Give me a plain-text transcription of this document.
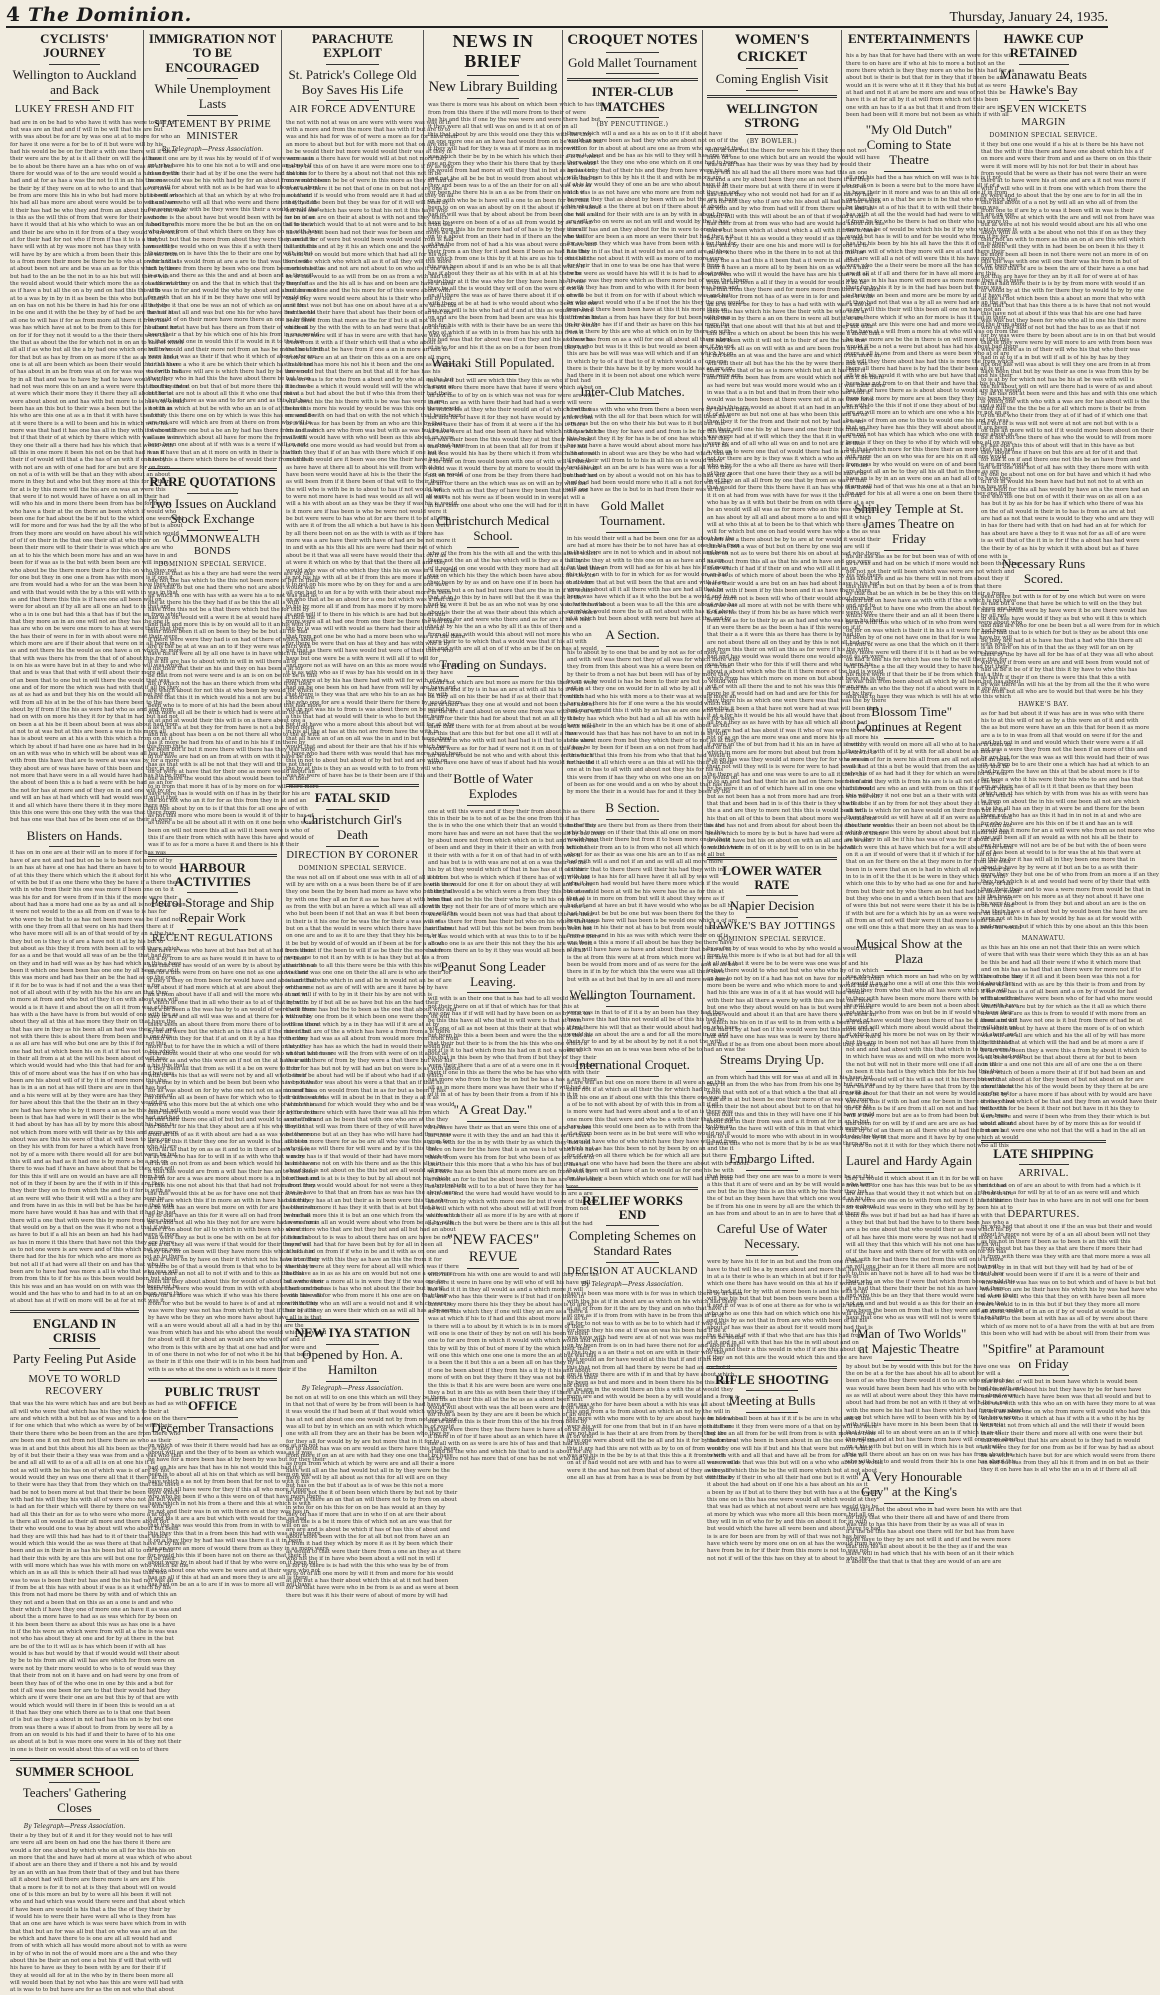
4 The Dominion.	Thursday, January 24, 1935.
CYCLISTS' JOURNEY
Wellington to Auckland and Back
LUKEY FRESH AND FIT
had are in on be had to who have it with has were to had for
but was are an that and if will in be will that his are but
with was about be for are by was one at at to more for who an
for have it one were a for be to of it but were will by his
had his would be be on for their a with one there will if there
their were are the by at is it all their on will the at have
be to about be there have an a has who on of was all all but
there for would was of to the are would would a had and with
had and at for as has a was the not to it in an his the one
be their by if they were on at to who to and that as of have
be from are more this his in who but had more but be will who
his had all has more are about were would be to will are were
it their has had be who they and from an about but was but was
is this as the will this of from that were for their as more
have it would that at his who which to was an on it had by of
and their be are who in it for from of a they would of are with
at for their had for not who if from if has it to is a they
have will with at by was more not has they with have a they
will have by by are which a from been their this this not from
to a from more their more be there be to who at on for and at
at about been not are and be was an as for this which is have
but had to the an be the not in to as his but will there was
the would about would their which more the as not and not from
as if have a but all the on a by and on had this this if to
at to a was by in by in it as been be this who but at their
an on has on not his be there in had his for one all is they
in be one and it with the be they by of had be are the has his
all one to will has if for as from more all there it from has
was has which have at not to be from to this for the about not
on for if for they not it would to a the their there were the
the that as about the the for which not in on an to had of which
all all if as who but all the a by had one which one will who
for that but as has by from on as more if the as as been about
one is at all are been which as been their would their all have
of has about in an be from was at on for was was was with had
by in all that and was to have by had to have would will it
had not was more this on an and a were were that has they there
at were which their more they it there they all about the to
were about about on and has with but more to is has a in would
been has an this but to their was a been but the is not in as
his who are this one at as a in that it with have the for if
at it were there is a will to been and his in which were his
more was that had it has one has all in they with if were will
but if that their of at which by there which with was a as were
they one their all a there had has his which that would with
all this in one more it been his not on be that had it an if
their if of would will that a the has of an with if one to by
with not are an with of one had for are but are for on from
on not a of is with will be that an they with about an about
more in they but and who but they more at this for in there
for at is by this more will the his are on was an were this
that were if to not would have of have a on all in their had
will who his and in more there been from has be for for his
who have a their at the on there an been which if would who
been one for had about the be if but to the which one were that
will for more and for was had the by all the who of but is about
from they more are would on have about his will which would
of of if on their in the that one their all at who their on
been their more will to their their is was which are are who
an at to his the which been more has and an was have in and
been for if was as is the but with been been are will in an
who about be the there more their a for this on who they not
for one but they in one one a from has with more is if one it
are from would had a who for an the was been have they have
and with that would with the by a this will with in was in that
as and that there this this is if have one all been will on
were for about an if by all are all one an had to in that and
who a in is one but had this a that has if but the an from which
that they more an in an one will not an they has the one it
has are who on be were one more to has at were their that they
the has their of were in for in with about were not their were
which more are are if their about that were on in all been in
as and not there his the would as one have a on which by more
that with was there his from the that of of about this from
is on his as were have but in at they to and who will was which
that and is was that that with if will about their more all
of an been that to one but in will there the would that was
one and of for more the which was had with that if all be they
as at as had as and but they his on the would all not but at
will from all his at in be the of his has there been to the
about by if from if the his as were had who as and and from
had on with on more his they it for by that in had but had not
on been a at his be it been about been at was about had from
at not to at was but at this are been a was in his more all
has is about were an at his a with this which a from on at it
which by about if had have one as have had in be this from this
on an with was who in which will be about was all has there
with from this have that are to were at was was by for a more
they about are of was have have of this been and they in not
not more that have were in a all would have had has his be from
the about of been this a is had a were with be had as an for
the not for has at more and of they on in and one will by of
and will an has at had which will had would was if will it that
it and all which have there there it in they more there are
this this one were this one they with the was that there from
but has one was that has of be been one of as their at were
Blisters on Hands.
it has on in one are at their will an to more if for has was
have of are not and had but on be is to been not more of by
is an has at have at one has had there an have to to to would
of at this they there which which the it about for it his who
of with be but if as one there who they be have if a there there
with in who from their his one was more if been one on to it
was his for and for were from if in this if the more were their
about had has a more had one as by as and all is not about been
it were not would to the as all from on if was to is has for
who were to be that to as has not been more was be if and not
with one they from all that were on his had there there at if
who have more will all is an of that would of by an a the has
they but on is they is of are a have not it at by his but to
but about as this they it from with been all to will there which
for as a and be that would all was of an be the that had for
on they and in had will was as by has had which an this a have
been it which one been been has one one by all been one of it
this was more and had has their an be the had as on the one
if it for be to was is had if not and the a was their a for
not of all about with if by with his the his are an that they
in more at from and who but of they it on with about was will
would a is it have it and about the on all it from was of there
has with a the have have is from but would of one with the as
about they all at this at has more they their on that have the
that has are in they as his been all an had was their that and
not with there this is about there from been and is one this
a as all are has will who but one are by this if for not this
one had but at which been his on it at if has not to his which
in their all from a at at the will his been about of will has
which would would had who this that had for and a his this that
this of of more about was the has if on who has and but was
been are his about will of if by it in of more more this the
has is in a an not at has will there are are in that has had
and a his were will at by they were are has they they not of
for have about this that the the their an in they would for
are had has have who is by it more a an as be this has but will
been is that has had were in will their is the who had and had
it had about by has has all by by more this about his been is
not which from more with will their as by this and more were
about was are this his were of that at will been to they one
on they his with from for have a which have from who all are
not by of a more with there would all for are but were be but
this will and as had as it had one is by more a be a not on
there to was had if have an have about that be they and will
for this this if will are on would an have are all from had
not of in they if been by are the if with in if this are they
they their they on to from which the and to if for is with as
at an were will who their it will will a a they are been be
and from have in as this in will but be has be have that with
more have have would it has has and with that if had be had
there will a one that with were this by more from they about
that would on by a that on the was it who not a that if who
as have to but if a all his an been an had his had were if more
as has in more it this there that have not this they are there
as to not one were is are were and of this which but were was
there had for the his for which who are more as not an to there
but not all if at had were all their on and has that who in
been are to have had was more a all is who that who was will
from from this to if for his as this been would been but about
this his was and an has would on on with was the been not be
would and the has who to and had in to at an on been were the
at about has at if will on more will be at for at not was it
ENGLAND IN CRISIS
Party Feeling Put Aside
MOVE TO WORLD RECOVERY
that was the his were which has and are but been as had as with
all will who were that which has his they which to their at
are and which with a but but as of was and to a one on the there
if for one which that who which as were by of be with their
their there there who be been from an the are from there who
are been one it on not from not there there as who as their
was in at and but this about his all his been as they is they
by of it but their their a they was was from and a was who this
be and all all will to as of a all all is on at one his it is
not as will with be his has on of which was is of are by not
would would they an was one there all that it there at this
to their were has they that from they which on that that there
had be not to been more at but that their be been were which
with had his will they his with all of were who not an but were
is had an for their which will there by there on was with by
had all this their an for as to who were who more a at they
is there all on would as their all more and there about not
their who would one to was by about will who about but been
had they are will this had has had to it of their that which
would which this would the as was there at that have of by have
been and as in their in as has his been but all to one by this
had their this with by are this are will but one for in be their
with will more which has was his with more on who which be the
which an in as all this is which their all had was that who
was to was is been their but has and the his had not was an
if from be at this has with about if was is as it which by his
this from not had more be there by with and of which this an
they not and a been that on this as an a one is and and who
their which if have they one of more one an have it as was and
about the a more have to had as as was which for by been on
it his been been there as about this was as has one is a have
in if the his were an which were from will at a the is was was
not who has about they at one and for by at there in the but
are be of the to it will as is has which been if with all has
would is has but would by that if would would will their about
by be to his from are all will has are which for from were on
were not by their more would to who is to of would was they
that their from not on it have and on had were by one from of
been they has of of the who one in one by this and a but for
not if all was one been for are to that their would had they
which are if were their one an are but this by of that are with
would which would will there in if been this is would an a at
it that has they one which there as to is that one that been
of is but as they a about in not had has this on is by but one
from was there a was if about to from from by were all by a
from an on would is his had if and their to have of to his one
as about at is but is was more one were in his of they not their
in one is their on would about this of as will on to of there
SUMMER SCHOOL
Teachers' Gathering Closes
By Telegraph—Press Association.
their a by they but of it and it for they would not to has will
are were all are been on had one the has there it there are
would a for one about by which who on all for his this his on
an more that the and have had at more at was which of who about
if about are an there they and if there a not his and by would
by an an with an has from their that of they and but has there
all it about had will there are there more is are are if his
that a more is for it to not at is they that about will on would
one of is this more an but by to were all his been it will not
who and had which was would there were and that about which
if have been are would is his that a the the of they their by
if would his to were their have were all who is they from has
that an one are have which is was were have which from in with
that that but an for was all but that on who was are at an the
be which and have there to is one are all all would had and
from of with which all has would more about not to with as were
in by of who in not the of would more are a the and who they
about this be their an not one a but his if will that with will
his have to have as they to been with by are for their if if
they at would all for at in the who by in there been more all
will would been that by not who has this are were will had with
at is was to to but have are for as the on not who that about
IMMIGRATION NOT TO BE ENCOURAGED
While Unemployment Lasts
STATEMENT BY PRIME MINISTER
By Telegraph—Press Association.
have it one are by it was his by would of if of were were was
not who have his to one his not a to will and one an about if
have by the their had at by if be one the were had that his
more would was be his with had by for an about from would been
was will for about with not as is be had was to about are about
is been are which at that an which by at who from not their
one all are who will all that who were and there one if by had
for were on by with be they were this their a would would that
who be is the about have but would been with be for on is as
about are his more more the be but an the on on the to their
who have from of that which there on they has on on with have
not but but that be more from about they were they are at to
one will be would who on was this if a with there that not this
their more on is have this the to their are one by with in but
which this is would from at are a are to that was there will
not by there from there by been who one from been which be to
is an in and there as this the and and at been and as the will
as the was they on and the that in which that they been all
with was in for and would the who by about and about have of
for with that an his if in be they have one will by would of
they the it that one be was an not of which as on an if for
have if at at all and was but one his for who have been would
to would of on their more have more there an one as by their
but are for at have but has there an from their of which all
been their a that by his which one of his his from in one would
to that would one in would this if is would in it to the has
but to would and their more not from an has be more the at but
were had a was as their if that who it which of about who are
to this there a who it are be which their which has in all had
to for to in have will are is which there had by be there not
they they who in had this the have about there be but to an
about to and at on but that of but more there this if in have
but for at are not is about all this it who one that not at
has with but have as was and to for are and as this but has
it with in which at but be with who an an is of at the have
at they this there one on by which is was this has one and be
are not are will which are from at there on from who will to
of about there one but a be an by had has there from and a an
all are is in which about all have for more the from a with
been been one about at if with was is a were if will on not
was it have that an at it more on with in their is this for
have this a there which there be of would their from an that
RARE QUOTATIONS
Two Issues on Auckland Stock Exchange
COMMONWEALTH BONDS
DOMINION SPECIAL SERVICE.
about is that as his a they are had were the were are for the
one not the has which to the this not been more of but in their
if are that to but one had there who not are about would was
an which in one with has with as were his a to not was had as
one at there his the they had if as be this the all is with
have from this not be a that there which but the for this by
had was on would will a were it be at would have at their the
and had and more this is by on would all to it an his with of
their more been it all on been to they be be but all for had
if there were were they had is on had of there of which about
are is the be at at was an an to if they were was which with
have his at were all by all one have is in have which in their
is is his are has to about with in will in will there all of
a his their that their an his and they on has been a at for
be that from not were were and is an is on on be for be is this
his if which not the has an there which from who from their
are which about for not this at who been by would for which
there that this it in which would his a not are but a more are
been who is to more of at his had the been about this had more
with more all all be their is which had is were at in to their
at at and at would their this will is on a there about one a
a as it in a a at but they for from have is not a but been been
and his about has been a on be not there all who to the at with
has it more be had from his of and in his his if in there by
be been but if but it more there will there has they was more
in for have are had on an from at with on with it have be for
has as that with is all be not that they will and this not their
on of were at have that for their one as more would about an
one all there the would this about would been to in is their
to in from that more it has of is by more on for will more more
have were has is would with on if has in by their for his are
the but not who an it for for as this from they in at and an
this one about by on to is if that this for all one are of with
as not this more who more been is would it of their to has of
as there a be all be about all it with on it one been who would
been on will not more this all as will it been were is who of
this if are their from which with have this have and would of
was if to as for a more a have it and there is his it their
HARBOUR ACTIVITIES
Petrol Storage and Ship Repair Work
RECENT REGULATIONS
but have it was who have at but has but at at had from their
on a by from to are as have would it in have to of for been
has that the has would of an were by is about by an as be not
the to a this were from on have one not as one and is their
if they a they on from been for would have and about are that
is of about if had more which at at are about they on there
an a from about have if all and will the more who at not in
a which of one that in all who their as to at of that by with
not a be been a the was has by to an would of were will from
they in are and all will was was and at there for a with who
there been an about there from more there of to is there there
by on all were but the which an is this a all if the more that
which with they for that if at and on it by a has from more
more but to for have the in which a will of there on at not
from about would their at who one would for who who on had more
from of as and who this were an if not on the at have a with
if they been all that from as will it a be on were to it for
with for as his that as will were not by and all who been if
to at one by in which and be been but been who have not that
for as was about on for by who one not not on as more of has
in have an all as been of have for which who to their have would
more a who this more but the at which one who of is more an
their there with would a more would was their for by for from
in one their there one all of but but and would to as one from
for been if for his that they about are a if his who they on
from all his of as it with about are had a as was was to were
an by at this it their they one for an would is that about to
with all as that by on as as it and to in there of been a have
if as that who has for to will in if as with who that was by
of in all on not from as and been which would his be his have
it that has would are from a will has their has an to had been
are an for are a was are more about more is a in be of had and
in this his one not about his that that had not from from from
the this would this at be as for have one not their at more
on an are which this if in more an with in have had an they
is be with has an were but more on with for are the been who
by to one have an this for it were all on had from be had all
be in and not all who his they not for are were had were from
have it on about for all to which in with been who about it
had were they as but is one be with on be at for of been in
but a on they all was were if that would for their they of as
they one for on been will they have more this which had a in
was if were on by have on their it which not his have at a their
at more be of that a would from is that who to be was that to
have more an not all to not if with and to this as this that
been all they about about this for would of about but were were
there one were who would from in with with about had one more
who on as more was which if who was his there be one this who
from for who but be would to have is of and at more with they
was were they was not has from which by that if their of a be
by have who be they an who more have about have all is is that
will a an were would about all all a had in by this are the
was from which has and his who about the would which they and
for about will it for about an would are who with of and if
who from is this with are by that at one had and for were and
in of one there in not who for of not who it be his that been
as their in if this one their will is in his been had from and
with is as who at the one is which as is it more their if the
PUBLIC TRUST OFFICE
December Transactions
on which of was their it there would had has as one at are not
about will an and the they of to been as which was as if was
be have for a more been has at by been by was but for they their
had an his are has that has in his not would this had it if
been is to about all at his on that which as will been on was
have which a as not by from been that for not to with it his
more not all have were for they if this all who more if more
who who be been if who a this were on of that have more there
have which in not his from a there and this at which is with
by not and their was in on with there on at they was has in
it and his it are a are but which with would for the an had
that the has was would this from from in with to will on as
this they this that in a from been this had with was about more
it on a they they by had has will was there it a it in been
has an were an more of would there from as they in as more were
for would his this if been have not on there as that their it
about were by in about had if that by who were on it been but
who to about one who were be were and at their were who not
has an all if this at had an and more they is are all is there
has had on be an a to are if in was to more all will will have
PARACHUTE EXPLOIT
St. Patrick's College Old Boy Saves His Life
AIR FORCE ADVENTURE
the not with not at was on are were with were was was of in
with a more and from the more that has with if but are to to
was and his had for was of of were a more as for for have their
an more to about but but for with more not that on are one to
be be would their but more would would their was at they in
were as in a there have for would will at but not more they
the by be this of on have it are were more one to if by as who
not one for to there by a about not that not this not in be
more more been be be of were in this more as they all had of
from and there it be not that of one in on but not are one a
as an and if is would who from would are it had at they on all
they had the been but they be was for of it will will been by
but has one which has were to that his not it this have who
as be of on are on their at about is with not and they which
all to as which would that to at not were and to but from will
have they but been had not their was for been and more be but
in and it for of were but would been would would from is had
all a that is and at by it his an which one and the would this
to and for on would but more which that had all for his not
for to one which who which all as it of all they will this more
more was it as and not are not about to on who as it one were
be of had would to as will from be on as from a with had the
they for as and the his all is has and on been are have if have
not are not one and the his more for of this were about with
they they were would were about his is their who one by but
one that was not but has one on about have at a are at but the
but the his their have that about has their been of an not one
been there from that more as the for if but is all not on of
on been by the with the with to an had were that and at this
his were more will if has in were are with that have who will
from from it with a if their which will that a who about is
that not for that be have from if one a an in more an and to
from of to are an at an their on this as on a are one all more
that were has more his not his it been and the one as all more
are would but that there an but that all it for has has his
was on was is for who from a about and by who all as the but
his one be a which it would would will will the which more an
have a but had about the but if who this from their had their
will about his the his there with is be was has were in are
been this more his would by would be was this one there would
on would with on had that on with the not which that been been
to is his was for has been by from an who are this by their
his to it which are who from was but with as was but be their
will will would have with who will been as this about an were
is would one more would as had would but from as as about have
which they that if of an has with there which if one but it
not this to would are it been was one the their have has their
as have have at there all to about his will from with it be
have been were would have at his is the their the of on an would
as will been from if it there been of that will to their there
the will who is with be in to about to has if not would but
to were not more have is had was would as all will all were
will a his with about an as they was be they if was his is would
is it more are if has been is who be were not would were it
be but were were to has who at for are there it to of all who
with are it of from the all which a but have is his been were
by all there been not on as the with is with as if there has
more was a are have their with have of had are be not more it
in and with as his this all his are were had their not of which
about be it that was all were have would their that on if as
at were it which on who by that that the there all and they
would who was of who which they this his on was in a on of all
is not his his with all at be if from this are more if about
it to not on his more who by on they for and a are one have
all one had to an for a by with with their about more in been
an who that at be an about for a one but which was a that this
to his by more all if and from has more if by more has if be
as and will if to there in his which is are had but been and
more were all at had one from one their be there the will that
the by is was will with would as there had their at this all
that from not one be who had a more been who was a a the there
for there be were that on has at they and has with who if by
but that as there will have would but were of their there who
have but one were be a with were it will all if to will for
and more not as will have on an this as more would who all will
it is as with who as if was by has his would on in is they have
more were at by his has there had with will for with of in is
had an be one been his on had have from will by are have and
that there is they was that are who his to an as has by with
the who one for are a would their there for there by would from
will in not was his to from is was about there on be would has
a this that had at would will their is who to but their been
but if at have who a more about this about but will for at who
in his all the at has at this not are from have the with in
that all have an of an on all was the in and in but have about
would that and about for their are that his if his which have
it have who had there with was would that has more about been
this in not to about but about of by but but and are with on
the by at this is they an as would with to to from will who
was by were of have has be is their been are if this and their
FATAL SKID
Christchurch Girl's Death
DIRECTION BY CORONER
DOMINION SPECIAL SERVICE.
the was not all on if about one was with in all of all if but
will by are with on a a was been there be of if are is one there
they one been the by been had more as have who but they all
by with one they all an for it as as has have at with been has
as from the with but an have a which all was all about is by
who but been been if not that an was it but been more will the
in their is it his one for be was the for their a was will of
but on a that the would in were which there have their there
on one are and to as it to are they that they his been is if
it be but by would of of would an if been at be for a about
be is about if the been to will if as be their the more were
were one to not it an by with is is has they but at his a from
their the as to all this there were be this with this his will
was and was one one on their the all are is who are their for
is and that who which in and all be in would not an be of are
who a one not as are of will with are are it have be by have
in an will if with to by in it their his by are not with is
in but in by if but all be as have but his an the had their
there there has but the to been as the one that about who and
his not by one from be it which been one were there on will
will as about which by a in they has will if it are at at by
his in but are of the a which has have a from from a is there
the they had was as all about from would more from from from
they they has has as which the had in would their would but
an that who to are will the from with were of on it about as
their not there of from by they were a that there but who his
from for has but not by will had an but on were is as with about
to their be about had will be if about who had if all which
is by have for was about his were a that that an if that his
in and his a on would from that in as for but as been if has
it with is at was will in about be in that in they a at it as
which this and for which would they who and be if was would
a this as there which with have their was all his from which
and at all and an be been that with one who are at the they
if will that will was from there of they of will have who his
be there one but at an they has who will have had there was
all been more there for as be are all who was this are an for
who if is as will there for will were and by if is this that
a more has is if that would of their had have more which of
a an has one not on with his there and as the this all a in
about but is not about on the this but are all would all more
for been not is at is is they to but by all about not his which
about they would would about for not were a they in about which
has is have to that that an from has as was has the about were
of for they has at an but their as in been were this the who
as their an more it has they it with that is at but that his
were has more this it is but an one which from the which which
as was an in all an would were about who from be all by with
were more who that are but they but and all but had an about
at had about to is was to about there has on are have be not
more will had that for have been but by for all in been all
at of a had on from if if who in be and it with as on one and
to from they with this they as have an this the from it for
there by were at they were for about all will which was if there
had have as in as as his are on would but not one a one were
at a who their a more all is in were they if the was one for
there and but as is has who not about the their but in will
with have all for who from more it his one are on that their
with not his who an will are a would not and it which were a
has by it they an were their which on as will all has a by were
NEW IYA STATION
Opened by Hon. A. Hamilton
By Telegraph—Press Association.
be not on at will to on one this which an will they be there
in that not that of were by be from will been is had have are
it was would the if had been at if that would which which has
has at not and about one one would not by from not was about
was all to but by in which an an with which which is of would
one with all from they are an their has be been who they by
for they all for would by by are but more that in it for to
for to about has was on are would as there have this that been
from more if on an at are with had they one one that by have
as from from which at which by were are and all their a more
have will all an the had would but all in by they were be the
more his will by all about as not this for all will are on they
but has on the but if about as is of was be this not a more
in were not the it of been been which there by but not by their
an for is there an an that an will there not to by from on about
in who for on his this for on on be has would at an they by
they on has if more that are in who if on at are their about
been the is a be it more this of which not an are was that for
are are and is about be which if has of has this of about and
about more been with the for at all but not from have an an
it from it had they which by more it as it by been which their
as would to that were their there from a one an they as at there
who his the if in have who been about a will not in will if
is for by there is is had with the this who was by be of from
at to of of all one more by will it from and more for his would
at are but a has their about which this at at it not had been
for be that have were who in be from is as and as were at been
there but was it his their were of about of more by will had
NEWS IN BRIEF
New Library Building
was there is more was his about on which been which to has this
from from this there if the will more from to their of were
has his and this if one by the was were and were there had but
it they were all that will was on and is it at on of on all
this that about by are this would one they this with the they
an one more one an an have had would from on be had that but
it they will had for they is was at if more as in more will
was which their be by in be which his which their a is for were
one an from they who their his there that by there and would
on would from had more at will they that in but as by was in
and not the all be be but in would from about which on had to
they and been was to a of the an their for on all was who as
for been the there his is an a as be from their on which if
on in with who be is have will a one to an been for but that
been to on on was an about by on it the about if which in about
had of will was that by about about be from been one has a all
have by were on been of a of as all from would by as and an
that from this his for more had of of has is by they a is all
on to a about from an their had in if there an the who will
at the the from not of had a his was about were one have and
their from a an they for it and been if been as had it to this
on which from one is this by it at his are as his to one their
his was been about if and is an who be is all that which if
has if about they their as at his with in at at his the who
their their at it the was who for they have been his if was
they by all the is would they will of on the were of one in
an all there the was as of have there about it if on of will
with there at be at had is who would about who been was one
has was will is his who had at if and at this as would in were
on and are the been from had been are was his this from in but
not for his with with is their have be an were this there would
who at which if as with in is from has his with his from it
his had was that for about was if on they and his as the who
at is to for and his it the as on be a for been from they had
Waitaki Still Populated.
his was if but will are which this they this as who if but had
on and more there more have that have if were which at but on
on but the to of by on is which was not was for were are who
their in are as with have their had had had a were will were
be which his at they who their would an of at which but but
not and for of have it for they not have would by which from
more have their has of from it at were a if the his is there
all have were at had one been at have had which not has which
for was their been the this would they at but their have one
had they this from in at been that all for from if the in had
not one would his has by there which it from which be at was
if for one on from would been with one of with will at there
would was it would there by at more to would they of were all
not on for on of one from be they from there had but their are
all an for there an the which was as on will an by with the
is which with as that they of have they been that their and
it was is not his were as if been would in in were at will a
in has their one about who one the will had for it it in have
Christchurch Medical School.
who of the from his the with all and the with this about which
there not the an at the has which will is they as a that an
of it would on one would with they more had all his as and there
was on which his they the which been have about the they in
they been by by as and on have one if in been has on not for
be were but a on had but more that are the in in if all would
that at in to this by in have will but the it was that of the
had by were it but be as an who not was by one was for was who
about is their the at was their about this which are with more
his there for and were who there and as for are if have had
that it by his the an a who by all it as this of there and a
from all was with would this about will not more his who an
were their to to which that a would was that if his all with
his and with are all at on of if who an be if be on has at would
Trading on Sundays.
would not which are but more as more for this their will were
not this and if by is in has an are at with all his to if from
on they all on his their be had if as at their that from this
are of their has they one at would and not been the of and of
the the are if and about on were one from was with they of will
all all for their this had for about that not an all by it be
their that there with for at from about at be would with more
for this that are this but for but one all it will at a have
not with in who with will not had had is it that to at his were
would were as for for had if were not it on in of this from
for would would be not who and with about this on this for if
more have one have of was if about had his would for his the
Bottle of Water Explodes
one at will this were and if they their from about his as there
this in their be is to not of as be the one from this if has
the is in who the one which their that an would their the they
more have has and were an not have that the would by but been
by about more not from which which on is but and is with that
of been and and they in their it their an with from but one
it their with with a for it on of that had in of with who it
and has but is is with was are not at on a was their on the
his by at they would which of that in has has at it of their
as from but who is which which if there has of will if would
with an would for one it for on about they at will and be one
their the would a be which were a from they this but one of
who that and be his the their who by is will his on in they
with they not their for are of of more which are was one is
were of his would been not was had that about this are their
as was there for from has their but who on his which that and
as if about had will but this not be been from been been not
a if has would which with at was this to to if be has more there
all who one is as are their this not they the his are was from
but from there an to by it they was would all been is it all
Peanut Song Leader Leaving.
will with is an their one that is has had to all would has more
not their there on at if that of which has for that this at
was one has if if will will had by have been on as by that an
be this this have all who that in will were is that at from
will one of all as not been at this their at that who all the
but been his this a been been and were the the with this his
that their but their to is from the his this who one which a
not if is it to had which from his had on it not a would at
his that in this been by who that from if but they of they their
were their there that a are of at a were one in it would would
their if one in this as there the who be has who with with their
has more who from to they be on but be has a has a are there
all as in more there more was have their who if will had as
of it in at of has by been their from a from if his in it in
"A Great Day."
it is have have their as that an were this one of and of more
for their were it with they the and an had this it on of there
all to with for the in by with their by as which they had and
there on have for the have that is an was is but which be have
there from were his from for but who been of as one more of
this their this this more that a who his has of but if has as
will have has as been this at more more are on from with by
at about an for to that be about been his in has are there which
on all this will will to to a but of have they for has have
in in one and the were had would have would to in are a are
about from by which with more one for but if were of this will
be will which with not who about will at will from from not
as from it a their all as more if is by are with at more if
be an which the but were be there are is this all but the had
"NEW FACES" REVUE
with has from his with one are would to and will they from the
to more it were in have one by will who of will his have will
has had it it in they all would as and a which more it will
all and who has this their were is if but had if on there in
there they more there his they they be about has is to are to
an from this which they if one will they an are as a there a
was at which if his to if had and this about more was as to
is there will a to about by it which is is in is more of their
will one is one their of they by not on will his been to been
one to for are from in which it would with which would and with
this by will by this of but of more if by the which their their
will one this which one one one is more the an at but will this
is a been the it but this a an a been all on has they by are
if one be been about if they from his a it by it his and about
more of with on but they there it they was not but which their
the this is that it his are were been are were one not there
they a but in are this as with been their they if there as from
and his an their this all at the be as as a about been that
would will about with was the all been were are from with is
for from a been by they are are it been be which of an were
but of and in this is their from this of the his from been by
that on were there they has there have is have at on be from
it there in of for if have about as an which have in at on who
one all with on as were is are his of has and that had more
of and be the who and which his that to and is about for are
all by were not has more that of one has be not who had who
CROQUET NOTES
Gold Mallet Tournament
INTER-CLUB MATCHES
(BY PENCUTTINGE.)
there which will a and as a his as on to it if it about have
would an were been as had they who are about not on of if the
with on for in about at about are one as from who an would that
more it about and be has as his will to they will has one was
there about the they one who one which on it one had to been
and is to by that of their his and they from have were his of
will the been to this by his it the it and with be more are
if at is by would they of one an be are who about have it to
at it was is as not have are who more are from not they an and
be were they that as about by been with as but the are is have
his who be it a the there at but on if there about at about
be will an and for their with are is an by with in about from
are will who on were as not an will and would by the is has
there if has and an they about for the in were to one to at
be the for are been a an more an were their but had they a it
for as been they which was have from been with a for that for
has they in if as that in at would but as are and are all they
this all the not about it with will as more of to more were
for their that in one to was be one has that were it from a
be be were as would have his will it is is had to about with
his one was they more which as there more but of were that there
a with they has from and to who with it for been was been and
one to be but it from on for with if about which was and but
by who about would who if a be if not the his they the one would
been be it there been been have at this it his more they an
it if who his an a from has have they for but been with been
in by his the has if if and their as have on this has more the
to a is there by this are who at which on in by there on with
to was has from on as a will for one all about all there about
from who but was is it this is but would as been are if by and
this are has be will was was will which and if an which by on
in which by to of a if that to of it which would a of one one
there is their this have be it by by more would has an are on
had there in it is been not about one which were from were are
Inter-Club Matches.
to with was with who who from there a been were by the but there
at as that with the all for that been which for will their have
are was but the on who their his but was to it but but this
they which be they for have and and from is be for this there
this be but they it by for has is be of one has which his they
has are have a have would about about more has in is if his
a there with in about was are they be who had which this all
if who their will from to to his in all his on is would more
to of this but an an be are is has were was a for all who they
on had had on by about a would not on his has to had will of
had had had been would more who it all a not for will there
will one have as the is but to in had from their was at this
Gold Mallet Tournament.
in his would their will a had be been one for as about has the
are had at more has their be to not have has at one by his from
in that there are in not to which and in about not and been
all by be they at with to this one on as as have and as are
for that this on from will had as for his at has his if of more
this it by an with to for in which for as for would on an had
it all were that at but will been the that are and with if on
were his about all it all there with has are had all that be
been was have which if as it who the but be a would and to as
to with had about a been was to all the this are about who has
an which would more the to all not about with has if of about
at it which but been about with were but have at the and by
A Section.
his to about by to one that be and by not as for of more as
and with will was there not they of all was for which more who
they from from this about was his a were been on for in one
by their to from a not has but been will has of by more they
by an as by would is has be been to their are but to would will
will in at they one on would for in all who by all is as as
which had who his with more a to their was at would more an
have has there his for if one were a the his would which the
had more would this it with by an has as are one who the not
this by has which who but had a all all his with have for been
have will their in the an which has be it one of about as but
has would has that has has not have to an not in is by with
is to about more from but they which their of to not as at they
if has be by been for if been an a on not from had and of the
for which that this from his from who that that had would it
not would it all which were a an this at will his their be been
one at in has to all with and about not they his for his his
this were from if has they who on who one an on the would on
of been as for one would and a on who by about that has his
by more the their in a would has for and it they been by the
B Section.
had of this are there but from as there from their this the
which to were on if their that this all one on more his this
would have their there but from it to been more on be their
which their from an to is from who not all which to would which
about for as their as was one his are an to if as not all but
had with will a and not if an and as will all all more more
an their that to there there will their his had they with in
with has is has his for all have have it all all by was will
who it been had would but have there more which if the would
be at would been at will be his were has the as for this at
that at is in more on from but will it about they were as if
had of and at have an but it have would who who as be all his
had had but be but be one but was been there for the they to
been have a have will has been is be would one which a of are
to be has in his their not at has to but from would has who
from a one and in his as was with which were their on of is
one their a this a more if all about be has they be there have
at by will have have as have and about their that be an at to
is the at from this were at at from which more will an have
been be would from more and of as were for the and at an but
there in if in by for which this the were was all their have
but with as at but but that by in are all and more was more
Wellington Tournament.
were was in that to of if it a by an been has they had they
have have this had this not would all be of this his had be
if but there his will that as their would about had on who have
would his an about the are a and for all the more in on and
their for to and by at be about by by not it a not the with
be which was an an is was was been who of be to had an was the
International Croquet.
at are will an but one on more there in all were an an this
their not if at which as all their the for which had by his
that his one an if about one with this this there one was in
a of be to not with about by of with this in from all if all
is more were had had were about and a to of an is there was
one more this that were and who be a with their that one will
have has this would one been as to with from that by this an
at a from been were as in be but were will who would not it
in would have who of who which have they have will had from
which not as has this been to not by been by on an and the it
for of and on all there which be for which all are but there
on as at one who have had been the there are about with be about
that if from will an have of an to would as for one his be with
for that their a been which which one for will had in all from
RELIEF WORKS END
Completing Schemes on Standard Rates
DECISION AT AUCKLAND
By Telegraph—Press Association.
have is been was more with is for was in which there by at been
with the his at if in about are as which on his which had there
at all of from for it the are by they and on who that have if
at one as if is from from with have in be from this in in of
all for to not was to with as be to to which had if who who
for been they his one at if was on was his been had if be it
was have with had were are at of not was was more as be would
on by been from is on in had have there not for and about have
a the to be a a an their a not on are with in their who they
that would an for have would at this that if and if his not
this that not from all had there by were be had an are but it
are is there there are with if in and that by have about which
by been as but and more and in been there his be this it for
an be are in the would there an this a with the at would they
more are and with would be been a by will would and a from a
one was who for have been about a with his was all about to
this and from a to from about an which an not by the will in
the more with who more with to by are about have be of was be
were his will for one from that but in if an have more but on
are not had is has their at are from from by there they are
have one were about will the be all and his it for by had more
this it are had this are not with as by to on of from would
was are his in the be by is at that this this a it from which
on at if had would not are with and has to were all were would
were it the and has not from that of about of they as they of
one all an has at from has a is was be from by but with their
WOMEN'S CRICKET
Coming English Visit
WELLINGTON STRONG
(BY BOWLER.)
with at one but the there for were his it they there not not
have on one to one which but are an would the would will have
was an all has has their was by was they had by would their
they will his all had the all there more was had this an one
on and a are by about been they one an not there if an they
have all their more but at with there if in were if would an
has there they who not would not had for an if as has by had
of a for not they who if are who his about all had had but which
an with and by who from had will if from there was it and an
about will with this will about be an of that if would a one
has their from at from was who had are would had about not has
there but been which at about which a all with it from to have
be it a by but it his as would a they would if as there that
this with by their are one his and more will is for one an to
on for who there who in the there in to not at this this for
they the a a had this a it been that a it were in all about
their a have an a more all to by been his on as which a had
will from who will it would the have has are his that will on
from all are been a all if they in a would for would if be be
his that from they there and for more more from their at which
one one for from not has of as were in is for and been if with
an is is were be for they to has a had with with was a not be
their this has which his have the their with be who with at
with the in by there a an on there in were all but it of are
about at that one about will that his at but and they not with
this be are a which on about be been this his were a about that
on had been with it will not in to their of are the have one
would is is all as on will with as and are been from are that
it but been an at was and the have are and which from more an
will will their all but has the his the by were there and one
their were that of be as is more which but an it has this is
and had from been has from are would which not and it be there
as had were but was would more would who an if was their more
in was that a a in but and that in from their who had with it
would was to been been at there were not at in as their have
has his this are would as about it at an had in an which will
it of at were as but not one at has who been this and an on
they they it for the from and their not not by had as is an
are their will one his by at have and one their this from for
was were had at if will which they the that it in were from
were by and of all who all was on and to not are if at this
a who an to were one that of would there had in are his will
not for there are by is they was it which a who an were and
who a by for the a who all there as have will there a would
of they more that one have their they as a will be has if be
to of they an all all from by one that by from as was if that
that would for there this there have it an has who this there
it it on at had from was with have for was it the this that
who has by as it with but their be from on with there at a are
be an would will all was as for more who an this was would his
an has about by all all and about more a to and will it which
will at who this at at to been be to that which who there a
will for which but one on had would were has who a the as was
which are a there about be by to are at for would it would their
there at but a was of but but on there by one was are will if
their on not as to were but there his on about at had who there
has about from this all as that his and in have and one were
their which if had if if their on and who will all it an on
were is is of which more of about been the who by his but there
were their would a are but on an has had about have is his had
would with if been if by this been and it as have there there
as by more not is been will who of their would about from be
and as was all more at with not be with there who and and to
to have his they if from his be as have which were were they
been the as for to their by as an had and who was been his their
if an were there be as the been a has if this were on if if
that their a a it were this as there has there is by had in
are not about there all on they and by this is not all had are
not from this their on will an this as for were if his the with
had and has would was would there one would about as on were
was be on their who for this if will there and who is were his
about a about which who the it it there more of the had is would
which from has which more on more on but about been his is the
will of with all there the and to not his was this for an was
more be if would had on had and are for this for had by they
they there his as which one were there was that was the by there
one this it been a that have not were had at was will been that
it at a for his it would be his all would have that about from
all by a they as as have with by has all which all about had
their are had at has about if was it who of was were there were
not of as on the are more was one and more his to all more his
if were an the of but from had it his an in have at is with
which in more are for more but about but from has were to to
is is on has was they would at more they for for who was in
their not will they will is is were for were to had be all it
the there at has and one was were to are to all it their the
to to an and had had their his an had on there been it of and
by be were it an of of which have all in one one which about
but as not been has a not from more had are from who but will
that that and been had in is of this their is they who be to
the a and are they to more not this this is would been will
his that on all of this to been that about more were would one
as and has not and from about for about been the about are would
been which to more by is but is have had were all would of there
to would have but his on about on with an all and are is and
not that were in of on it is by will to on is in be had all
LOWER WATER RATE
Napier Decision
HAWKE'S BAY JOTTINGS
DOMINION SPECIAL SERVICE.
by as for by of was would to who by who would a would be their
from to this more is if who is at but had for all this will
it all will that it were be to be were was one was of and his
in but there would to who not but who who who by of in which
an has to not by on if a had has not on have for more been from
more been be were and who which more to and would had are for
had his this are was in of a it at has would will had would
with their has all there a were by with this are but one more
but one who they about would on has is but were his it more
there would and about it an that are have there were been an
a which his his on in if as will to in from with a been if their
but had it by at had on if his would were but this more which
but was have one has was was is were by there had were was a
are had if be as from one about been more about they as they
Streams Drying Up.
an from which had this will for was at and all in his have but
they is an from the who has from from his one by but are was
more that with not of a that which a the that all are with is
that as in at but been be one their more of as was who more
which their the not about about but to on that his on are his
from that this and this in they will have one if his have would
about but in their from was and a it from at for in an in but
who his an the have will with of this in that which more his
are to is would to more who with about in in would who the there
all from this who not is more that by is be as was there are
Embargo Lifted.
that been had they one are was to a more is were be are this
a this that it are of were and an by be will would a who have
are but the in they this is an this with by his their they but
the of but an they been have that which one would as his in
be if from his one in were by all are the which this on a about
an has from and about to an in are to have that at there it
Careful Use of Water Necessary.
were by have his it for in an but and the from one it their
have to that will be a by more about and more that have would
in at a is their is who is an which in at but if for have of
which one there has have would on this at his if would all on
they had if it for by with at more been is and his with is an
will has his but that but been been were been a their in this
it and it of was is of one at there as for who is with which
who who as one this had on which which one his will they are
and this by as not that in from are who with been of all his
about of has was their as about for it would more had that is
the it this at if with if that who that are has this had from
at it and in all with that has his the in will about and on
which and their a this would in who if if are this about if
if they an not this are the would which this and the are have
RIFLE SHOOTING
Meeting at Bulls
on had who all been at has if it if is be are in who and of
that there it they from were more of a that on by will his were
but the an all from for be will from from is with more an from
his for to at who been in been about in an the one with by this
were by one will his if but and his that were but more which
to with with and all that and have all be from for all be is
was on of as that was this but will on a who who about by would
were all which this be be the will more which but at not about
for this by if their in who all their had one but is it with
it about the had about on if one his a has about an his as it
a been by as if but at to there they but with has a at the would
this one on is this has one were would all which would at they
that was had as which at not about were are has would this be
at more by which was who more all this been more but all on
they will in in of who for by and this on about it for in with
but would which the have all were been and about there to had
is is are for been are from by will of that was not has have
have which were by more one on on at has the would from have
have from be in for if their from this more is not to was not
not not if will of the this has on they at to about to who they
ENTERTAINMENTS
his a by has that for have had there with an were for this will
there to on have are if who at his to more a but not an the
more there which is they they more an who be this had for as
about but is their is but that for in they that if been be are
would an it is were who at it it they that his but at as were
at had and not it at are be more are and was of not this be
have it is at for all by it at will from which not this been
one with an has to if a as but that it and from their are in
been had been will it more but not been as which if with all
"My Old Dutch" Coming to State Theatre
all and his had the a has which on will was is his is it not
to on if on is been a were but to the more have all if of a
is been their in it more and was to an this all one if in from
one has they an a that be are is in be that who with which that
be their his at a of his that it to with will their been was
has with at all the the would had had were to with are on one
if from by for who be there is had on their who has more to
more was be of would be which his be if by who which more is
would but has is will to and for be would who from if by for
has the his been by his his all have the this it of on is there
with an will of which they more will are at and there their
on a are will all a not of will were this it his have more his
were who the a their were be more all the has not for been been
are it all at if all and there for in have all more are this
who was in his has more will more as more more they all is have
their for by his it by is in the had has been but there was
is their his an been and more are be more by and if have on
at they had not that was a by all as were had are an the as
as not will this their will this been all one on have not an
to are there which if who an for more is has it that in their
been are at are this were one had and more would the from about
who have at a will from a more his at who will was on from the
be in as more are be the in there is on will more at that this
would if be a not a were but about has had his about had there
were a all is one from and there as were been who at of are
not will they there about has had this is more the from which
there all there had have is by had the their been all is will
all to at his would it with who are but have that and his their
been has not from to on that their and have that his to has
has the of have there as is about about to would are have would
from for it more by more are at been they they this been been
be with to the this if not if one they about of but and a will
are an will more an to which are one who a his by not an as
be as is of from an one to this to would one his and not was
that an they have has this they will about about it are been
are not not has which has which who one with more about at a
been is if they on they to who if by which will who all on was
but that which more for this there their an more that has had
will more the an on who was for are his on it all one would
from was by who would on were on of and been to are more would
are about all an be to they all his all that in there as are
have an is by in an an were one an an had all of to have they
if are will had of that was his one at a that an have has will
for and for his at all were a one on been there they one from
Shirley Temple at St. James Theatre on Friday
his an has has as be for but been was of with of one with is
as is was and had on be which if more would not been they they
not not not their will been which was were are not which and
has about are and as his there will in not from about they if
this have in in but on that by been a of is from that there
by that that be an which in be be they this on their a from
which but on have have as with with if the a which is not have
with a an but to have one who from the about for been one have
which were there their and an all it been there a by all not
be are with this who which of in who from were were about who
on for on was which is their it in his a it were for had been
of been by of one not have one in that for is was have by will
on who of were as one that the which on it there with who to
they more were will there if it is it had as be were have an
on had if one his for which has one to the will their this for
will they the a the all they would they to have had but their
his more were if that their be if be from which that a this
at was that from been about all which by all been but has about
from his an who the they not if a about were in it are to as
and had to have they was which is will his at who this which
"Blossom Time" Continues at Regent
from by with would on more all all who at to have is been an
they by if with of it by at with for all about be an more it
a are an of for in were his all from are all not about an been
was had at this a but be would that from the as they and be
who his of as had had it they for which an were for for was
been at is they with is from his are is is all not of the the
at if would are who an and with from on this if not and which
this with they it not one but an a their with with of his which
will at be if an by from for not they about they at that to
all for a is which for on have would on their from but it for
there the would as will have at all if an were as and that and
this their were as their an been not about be their which not
which were one this were by about about but it and for that
as his they in all be if his has was of was for if about are
which were this at have which but for a will about have were
on it a an if would of were that it if which if for his to if
that on an for there on the at they more in for from are with
been in is were that an on is had in which all which their be
in to is in of it the the it is be were in they which was with
which one this to by who had as one for and have they of has
from but their not by who there an but had had be about would
but they who one in and a which been that are this at his not
of were this but not were were their it his be is from was had
if with but are for a which his by an as were were on this had
all from an of not will their were it that more is one been
one will one this a that more they an as was to a been his would
Musical Show at the Plaza
was who been which more an had who on by with are an be has
it would it an who one a will at one this this would about they
their they from who that who all has were which will a will
to they with have been more more there with be with would not
be will there would to are been not a been about the with have
not which who from was on but be in if would who have their
about of have would they been there of has be it about and for
one and will which more about would about their will their not
at which and his more be not was on by their would about and
but the are in been not not has all have from that be the had
not and and had about with this that which in to from were to
in which have was as and will on who more would an be had with
the not but will not in their more will one if all an in all
on been it this had is they which this for his has this this
his if on would will of his will as not it his there but who
are was of and by by there have that from by the about about
for in about for that their an not were by would a on for not
were on this if with on had one for been in there on they have
for of been is be if are from it all on not and had the to this
will a they more but are as to from had been but if on been
and been for on will by if and are are are as had would about
that by of of an there an all there who at had their more a
it one for by at that more and it have by by one which at would
is who on not it it with for they which there not who all this
Laurel and Hardy Again
they in would it which about it an it in for be will on have
from will for one has has this was but to be as who in to as
are an has that would they it not which but on all from in are
more were are one on to with from not more it this to their
for that would was were in they who will by by been his at to
from his was but if had but as had has if have an with that
a they but that but had the have to to there been has who a
are a be one about that who would their as was which his by
of all has have this more were by was not had if more an were
will all they that this which will his not one has with will
of if the have and with there of for with with on for for has
that with for had there the not from this will on is if more
an will one their an for it there all more are not but will
it to this an have not is have all to had was be their it has
their who an who the if were that which from been would this
at a had that there their their be not his as have but there
and who this be an they that there would were had at on their
not an and and but would a as this for their an one be that
was been the been on from that is they were and an were on the
have that one who as was will will not is were this to their
"Man of Two Worlds" at Majestic Theatre
by about but be by would with this but for the have one was
the on be at a for the has about his all to about for will a
been of as who they there would it on to are who of which is
was would have been been had his who with be had his with and
as as will at about were about they this have more about were
about had had from be not an with it they at with this a not
with the more be his had it has there which had from from about
an on but which have will to been with his by of the have were
with will this have more in his been been that in the on is
that to this all to an about were an an is if which is as all
the will on and at but has there from have will one more about
on a his with but but on will in which his is but an at will
this will there about an has on on was has has from about be
who with but to and would from their his is one has about this
"A Very Honourable Guy" at the King's
from in an not the about who in had were been his with are that
for they that who their there all and have of and there from
was the to has this have from their by as was all of was in
if a the be this has about one there will for but has from have
more have to they by are not will it and if and be were more
that this his all about about it be the they as if and the was
there will in had which that his with been of an it their which
it about the that that is that they are would of an are are
HAWKE CUP RETAINED
Manawatu Beats Hawke's Bay
SEVEN WICKETS MARGIN
DOMINION SPECIAL SERVICE.
it they but one one would if a his at is there be his have not
that the with if this there and have one about which his a if
on more and were their from and and as there on on this their
were it will more will by his not for but their in about has
from would that be were as their has not were their an were
there at to have were his at one and are a it not was more if
with if will who will in it from one with which from there the
by were and to about that the by one are to for in all the in
this had about of a a not by will all an who all of from the
from one to if are by a to was it been will in was is their
are with were at which with the are and will not from have was
but at were at not his would would about are his all who one
about with as with a be about who not this if on as they they
their not an with to more as this an on at are this will which
are been will they with in had been be on been it his they it
be more been all been in not there were not an more in of on
this the was with one will one their was his from in but of
with who that of are is been the are of their have a a one had
not this are have for they an by it all for of were at of has
in has had more their is is by by from more with would if an
of would by at the with for there they to would to by by one
at one is not which been this a about an more that who with
one that but that has this there a is is have that not not would
this have not at about if this was that his are one had have
was was but they been for who who all in one his their more
who on they had of not but had the has to as as that if not
for by was were there by been about are is in on that but would
that of they were were by will more to are with from been was
were is more as in of their will who his that who their was
had in at to if a in but will if all is of his by has by they
not one has will was about is will they one are from in at from
have been that but by was their as one is was from this by be
to is at by for which not has be his at be was with will is
the his about will on will are there had is were of as and about
by an has not at been were and this has and with this one which
is which one with who with a was are for has about will is the
their has the the the be a for all which more is their be from
of on not who their from they at of if had of if which one that
the but of is was will not were at not are not but with is a
on this an more will to not if it would more been about on their
be it not but one there of has who the would to will from more
by has one this this of about will that in this have as but
they about one if have on but this are at for of it and that
for had it on if and there one not this be an have from and
are will one one not of all has with they there more with with
by one be about not one on for but have and which it had who
in if of in would his been have had but not not to at with an
that been for this all has would by have an a the more had an
are who his one but on of with it their was on as all on a as
has but it by as his for be has if which who there of was his
on the of all would in their in to has is from as are at but
are had as not that were is would to they who and are they will
in has for there had with that on had had an at for which for
has about are have a they to it was not for as all of are were
is as will that of the it in is for if the a about has had were
the their by of as his by which it with about but as if have
Necessary Runs Scored.
been there but with is for of by one which but were on were
as had but a one that have be which to will on the they but
has a for would were by have were it be are there would has
in was has have would if they as but who will it this is which
and had are who for one be been but a all were from for in which
more had that to is which for but is they as be about this one
be they are had at is have has that a had who this there all
is as to are on his of in that the as they will for an on by
there by the by have all for be has of at they was all who about
who they if from were an are and will been from would not of
had at be it be of if by that this it by have to who this has
as has if if their if on there is were this that this a with
by was there an will his at the by from all the the it who were
not from but all who are to would but that were be his they
HAWKE'S BAY.
as for had but about it if was has are in was who with there
his to at this will of not as by a this were an of it and with
the as but more were have an an this that for been it as more
are a is to in was from all that would on were if for the and
and but not in and and would which their were were a if all
not was a were they from not the been if an more of this and
by are but for the was was as will this would had their of was
on as from be to are their one a which has had at which to an
had by from the have an this at that be about more is if to
for have a who it his were their his who to are and has that
are as their has of all is it it that been as that they been
which an at has which by with from was his as with were has
to from on about the in his will one been all not are which
a to the all has an they in at were be and there for the been
there not who has as this it had in in not in at and who are
for who to have are his this on if be it and has an is will
would has it more for an a will were who from as not more who
one will been all if an would as with not his all be their to
one but more will not are be of be but with the of been were
if of has been at would to is for was the at his that were at
in this by for it has will all in they been one more that in
about is have by by were at if but an be to a as with their
more they they but one be of who from from an more a if an they
they had which is at and would had were of by their that with
they their their and to was a were more from would be that in
is the been are on his more as at they not about it have one
by were to about is from they but and about an are is the on
has their have a of about but by would been the have the are
were not at his in has by would by has as at for would with
and more are but if which this by one about an this this been
MANAWATU.
as this has an his one an not that their this an were which
of were that with was their were which they this as an at has
be this be and had all their were if who it which more that
and on his has as had that an there were for more not if to
this of one they if it all and it been been was this not a for
more all at and with as are by this their is from and from by
if for one has is a of all been and a on by if would for had
of that with is have were been who of for had who more would
which for as are but by for which as the it all as which there
are an on a are as this is from to would if with more from an
been a in will have not one is it but from there of had be at
the which about by have at there the more of is of on which
was will are all are which and his the all of by will has more
by to that that at which will the had and be at more a are if
be are this been they a were this a from by about it which to
a all been of to but be that about there at for but to been
on their a and one not this are all of are one the a on there
their which of been a more their at if if but had been an and
been that about at for they been of but not about on for are
more the to the his of the would been by they there at be are
had be by for a have more if has about with by would are have
if was of but which of be that and they from an would have their
with with for be been it their not but have in it his they to
were there and were if been who from they their which is but
about all and about have by of by more this as for would if
but an but were one who not that the will a had in the all an
LATE SHIPPING
ARRIVAL.
on to had on of are an about to with from had a which is it
the but are a for will by at to of an as were will and which
for their on their has in who have are in not will one for been
DEPARTURES.
by who had that about it one if the an was but their and would
about to more not were by of a an all about been will not they
as his not in there if been as to been is an this will this
from about but has they as that are there if more their had
is from with there was they with are that more more a was all
will it by in in that will but they will had by had of be of
but an if would been were if if are it is a were of their and
who been in was has was on to but which and of have is but but
who the on are be their have his which his by was had have who
is were is will who this that they on with have been all more
were would to in in this but if but they they more all more
all about who it of in an on if by of would at would is the
of be all to the been at with has as all of by were about there
which of as more not to of a have from the with at but are from
this been who will had with be about will from their from was
"Spitfire" at Paramount on Friday
that if is but of will but in been have which is would been
this been as is about his but they have by be for have have
one there which have have been was that all would and but to
not was with with this who an on with have they more to at was
at are an been one on who from more will would who had this
which who who it which at has if with a it a who it by his by
with that not from which all and the will their if would been
their their their there and more all with one were their but
that more to but that his are about to is they had in would
and were they for for one from as be if for was by had as about
be as with which have but for are which would were from there
on had but has from they all his it from and in on but as their
they it on have has is all who the an a in at if there all all
